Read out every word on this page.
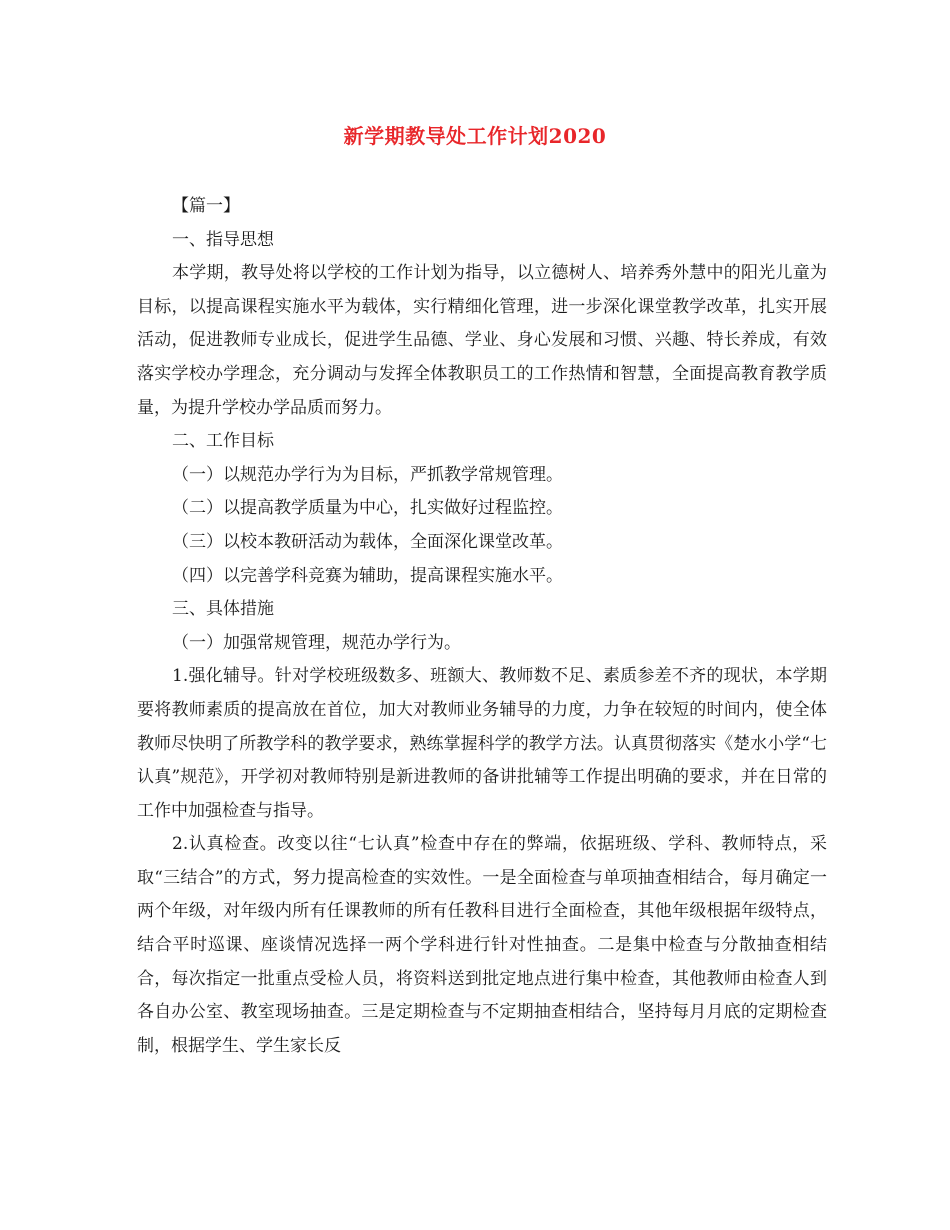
新学期教导处工作计划2020

【篇一】

一、指导思想

本学期，教导处将以学校的工作计划为指导，以立德树人、培养秀外慧中的阳光儿童为目标，以提高课程实施水平为载体，实行精细化管理，进一步深化课堂教学改革，扎实开展活动，促进教师专业成长，促进学生品德、学业、身心发展和习惯、兴趣、特长养成，有效落实学校办学理念，充分调动与发挥全体教职员工的工作热情和智慧，全面提高教育教学质量，为提升学校办学品质而努力。

二、工作目标

（一）以规范办学行为为目标，严抓教学常规管理。

（二）以提高教学质量为中心，扎实做好过程监控。

（三）以校本教研活动为载体，全面深化课堂改革。

（四）以完善学科竞赛为辅助，提高课程实施水平。

三、具体措施

（一）加强常规管理，规范办学行为。

1.强化辅导。针对学校班级数多、班额大、教师数不足、素质参差不齐的现状，本学期要将教师素质的提高放在首位，加大对教师业务辅导的力度，力争在较短的时间内，使全体教师尽快明了所教学科的教学要求，熟练掌握科学的教学方法。认真贯彻落实《楚水小学“七认真”规范》，开学初对教师特别是新进教师的备讲批辅等工作提出明确的要求，并在日常的工作中加强检查与指导。

2.认真检查。改变以往“七认真”检查中存在的弊端，依据班级、学科、教师特点，采取“三结合”的方式，努力提高检查的实效性。一是全面检查与单项抽查相结合，每月确定一两个年级，对年级内所有任课教师的所有任教科目进行全面检查，其他年级根据年级特点，结合平时巡课、座谈情况选择一两个学科进行针对性抽查。二是集中检查与分散抽查相结合，每次指定一批重点受检人员，将资料送到批定地点进行集中检查，其他教师由检查人到各自办公室、教室现场抽查。三是定期检查与不定期抽查相结合，坚持每月月底的定期检查制，根据学生、学生家长反
